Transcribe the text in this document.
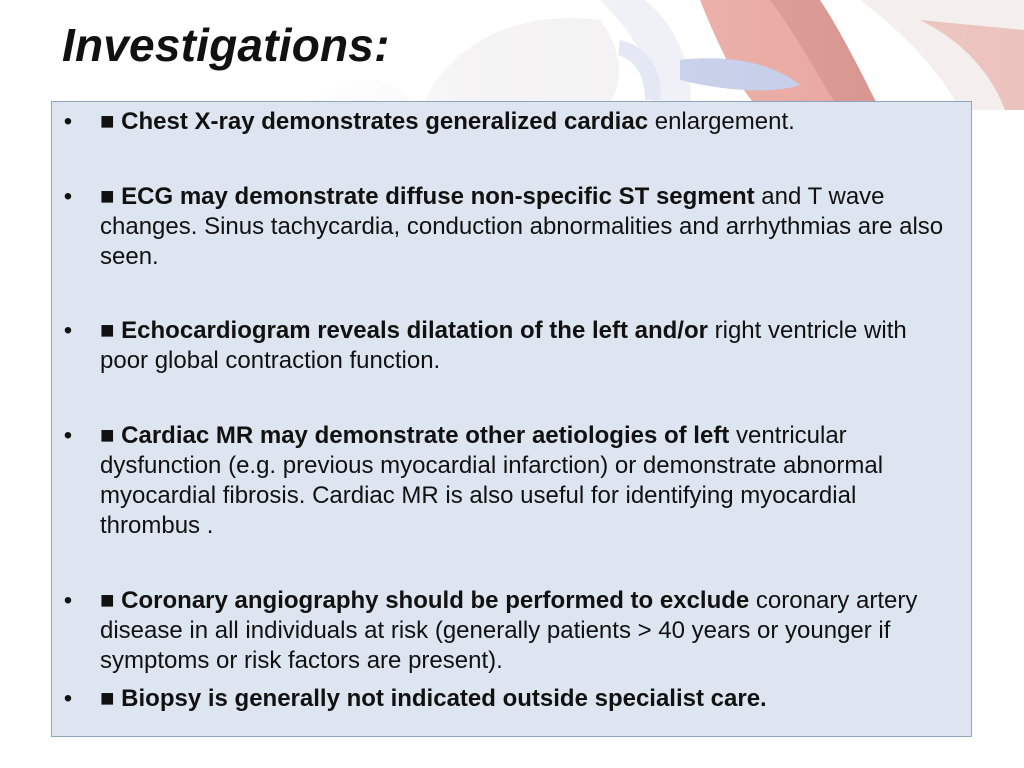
Investigations:
• ■ Chest X-ray demonstrates generalized cardiac enlargement.
• ■ ECG may demonstrate diffuse non-specific ST segment and T wave changes. Sinus tachycardia, conduction abnormalities and arrhythmias are also seen.
• ■ Echocardiogram reveals dilatation of the left and/or right ventricle with poor global contraction function.
• ■ Cardiac MR may demonstrate other aetiologies of left ventricular dysfunction (e.g. previous myocardial infarction) or demonstrate abnormal myocardial fibrosis. Cardiac MR is also useful for identifying myocardial thrombus .
• ■ Coronary angiography should be performed to exclude coronary artery disease in all individuals at risk (generally patients > 40 years or younger if symptoms or risk factors are present).
• ■ Biopsy is generally not indicated outside specialist care.
